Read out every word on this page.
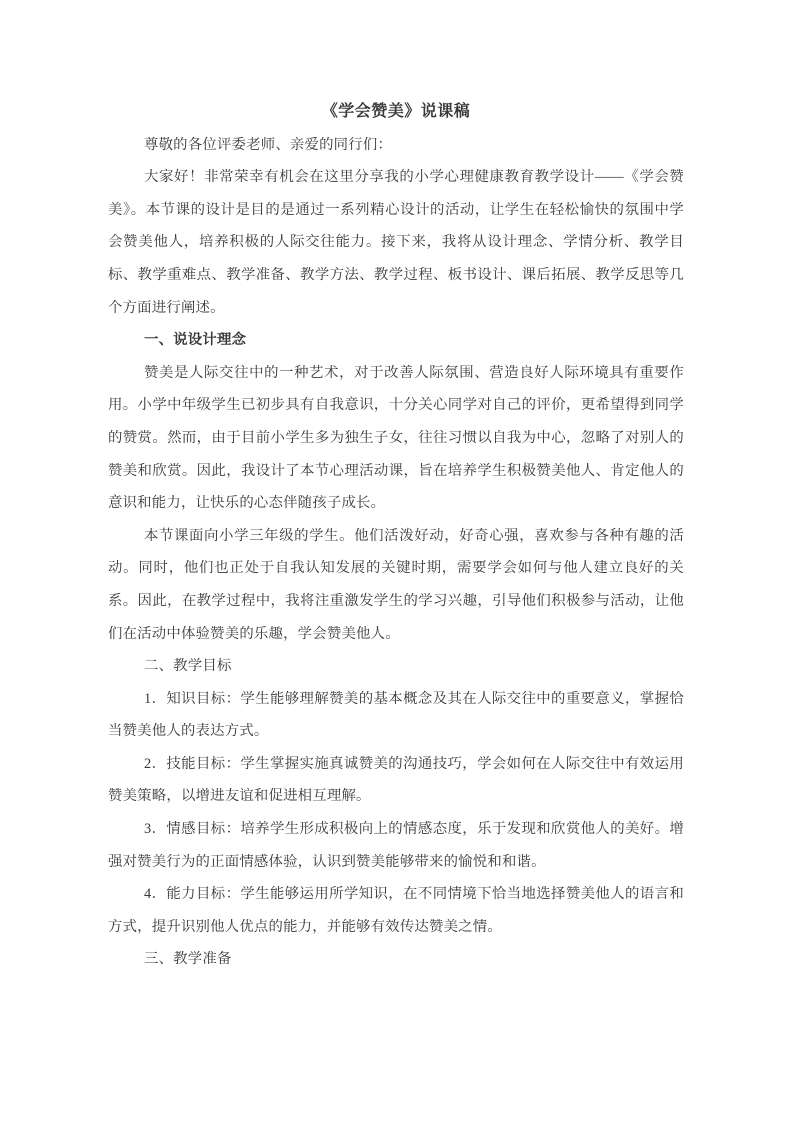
《学会赞美》说课稿

尊敬的各位评委老师、亲爱的同行们：

大家好！非常荣幸有机会在这里分享我的小学心理健康教育教学设计——《学会赞美》。本节课的设计是目的是通过一系列精心设计的活动，让学生在轻松愉快的氛围中学会赞美他人，培养积极的人际交往能力。接下来，我将从设计理念、学情分析、教学目标、教学重难点、教学准备、教学方法、教学过程、板书设计、课后拓展、教学反思等几个方面进行阐述。

一、说设计理念

赞美是人际交往中的一种艺术，对于改善人际氛围、营造良好人际环境具有重要作用。小学中年级学生已初步具有自我意识，十分关心同学对自己的评价，更希望得到同学的赞赏。然而，由于目前小学生多为独生子女，往往习惯以自我为中心，忽略了对别人的赞美和欣赏。因此，我设计了本节心理活动课，旨在培养学生积极赞美他人、肯定他人的意识和能力，让快乐的心态伴随孩子成长。

本节课面向小学三年级的学生。他们活泼好动，好奇心强，喜欢参与各种有趣的活动。同时，他们也正处于自我认知发展的关键时期，需要学会如何与他人建立良好的关系。因此，在教学过程中，我将注重激发学生的学习兴趣，引导他们积极参与活动，让他们在活动中体验赞美的乐趣，学会赞美他人。

二、教学目标

1．知识目标：学生能够理解赞美的基本概念及其在人际交往中的重要意义，掌握恰当赞美他人的表达方式。

2．技能目标：学生掌握实施真诚赞美的沟通技巧，学会如何在人际交往中有效运用赞美策略，以增进友谊和促进相互理解。

3．情感目标：培养学生形成积极向上的情感态度，乐于发现和欣赏他人的美好。增强对赞美行为的正面情感体验，认识到赞美能够带来的愉悦和和谐。

4．能力目标：学生能够运用所学知识，在不同情境下恰当地选择赞美他人的语言和方式，提升识别他人优点的能力，并能够有效传达赞美之情。

三、教学准备
